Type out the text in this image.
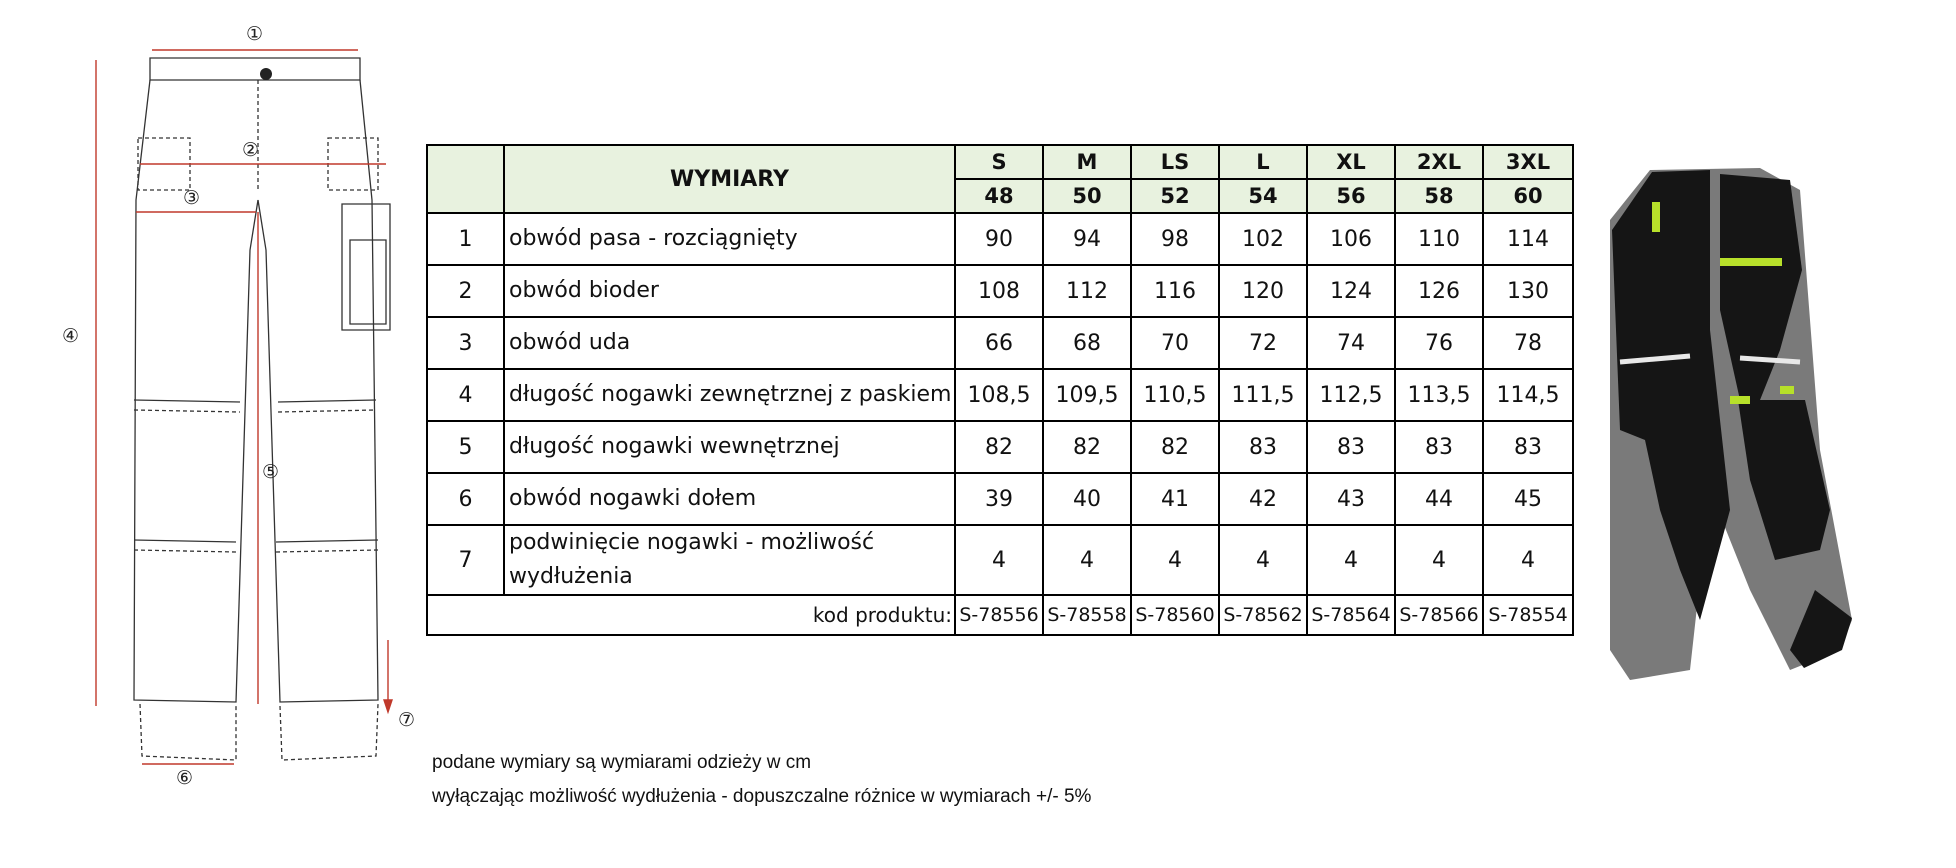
①
②
③
④
⑤
⑥
⑦
	WYMIARY	S	M	LS	L	XL	2XL	3XL
		48	50	52	54	56	58	60
1	obwód pasa - rozciągnięty	90	94	98	102	106	110	114
2	obwód bioder	108	112	116	120	124	126	130
3	obwód uda	66	68	70	72	74	76	78
4	długość nogawki zewnętrznej z paskiem	108,5	109,5	110,5	111,5	112,5	113,5	114,5
5	długość nogawki wewnętrznej	82	82	82	83	83	83	83
6	obwód nogawki dołem	39	40	41	42	43	44	45
7	podwinięcie nogawki - możliwość wydłużenia	4	4	4	4	4	4	4
kod produktu:		S-78556	S-78558	S-78560	S-78562	S-78564	S-78566	S-78554
podane wymiary są wymiarami odzieży w cm
wyłączając możliwość wydłużenia - dopuszczalne różnice w wymiarach +/- 5%
